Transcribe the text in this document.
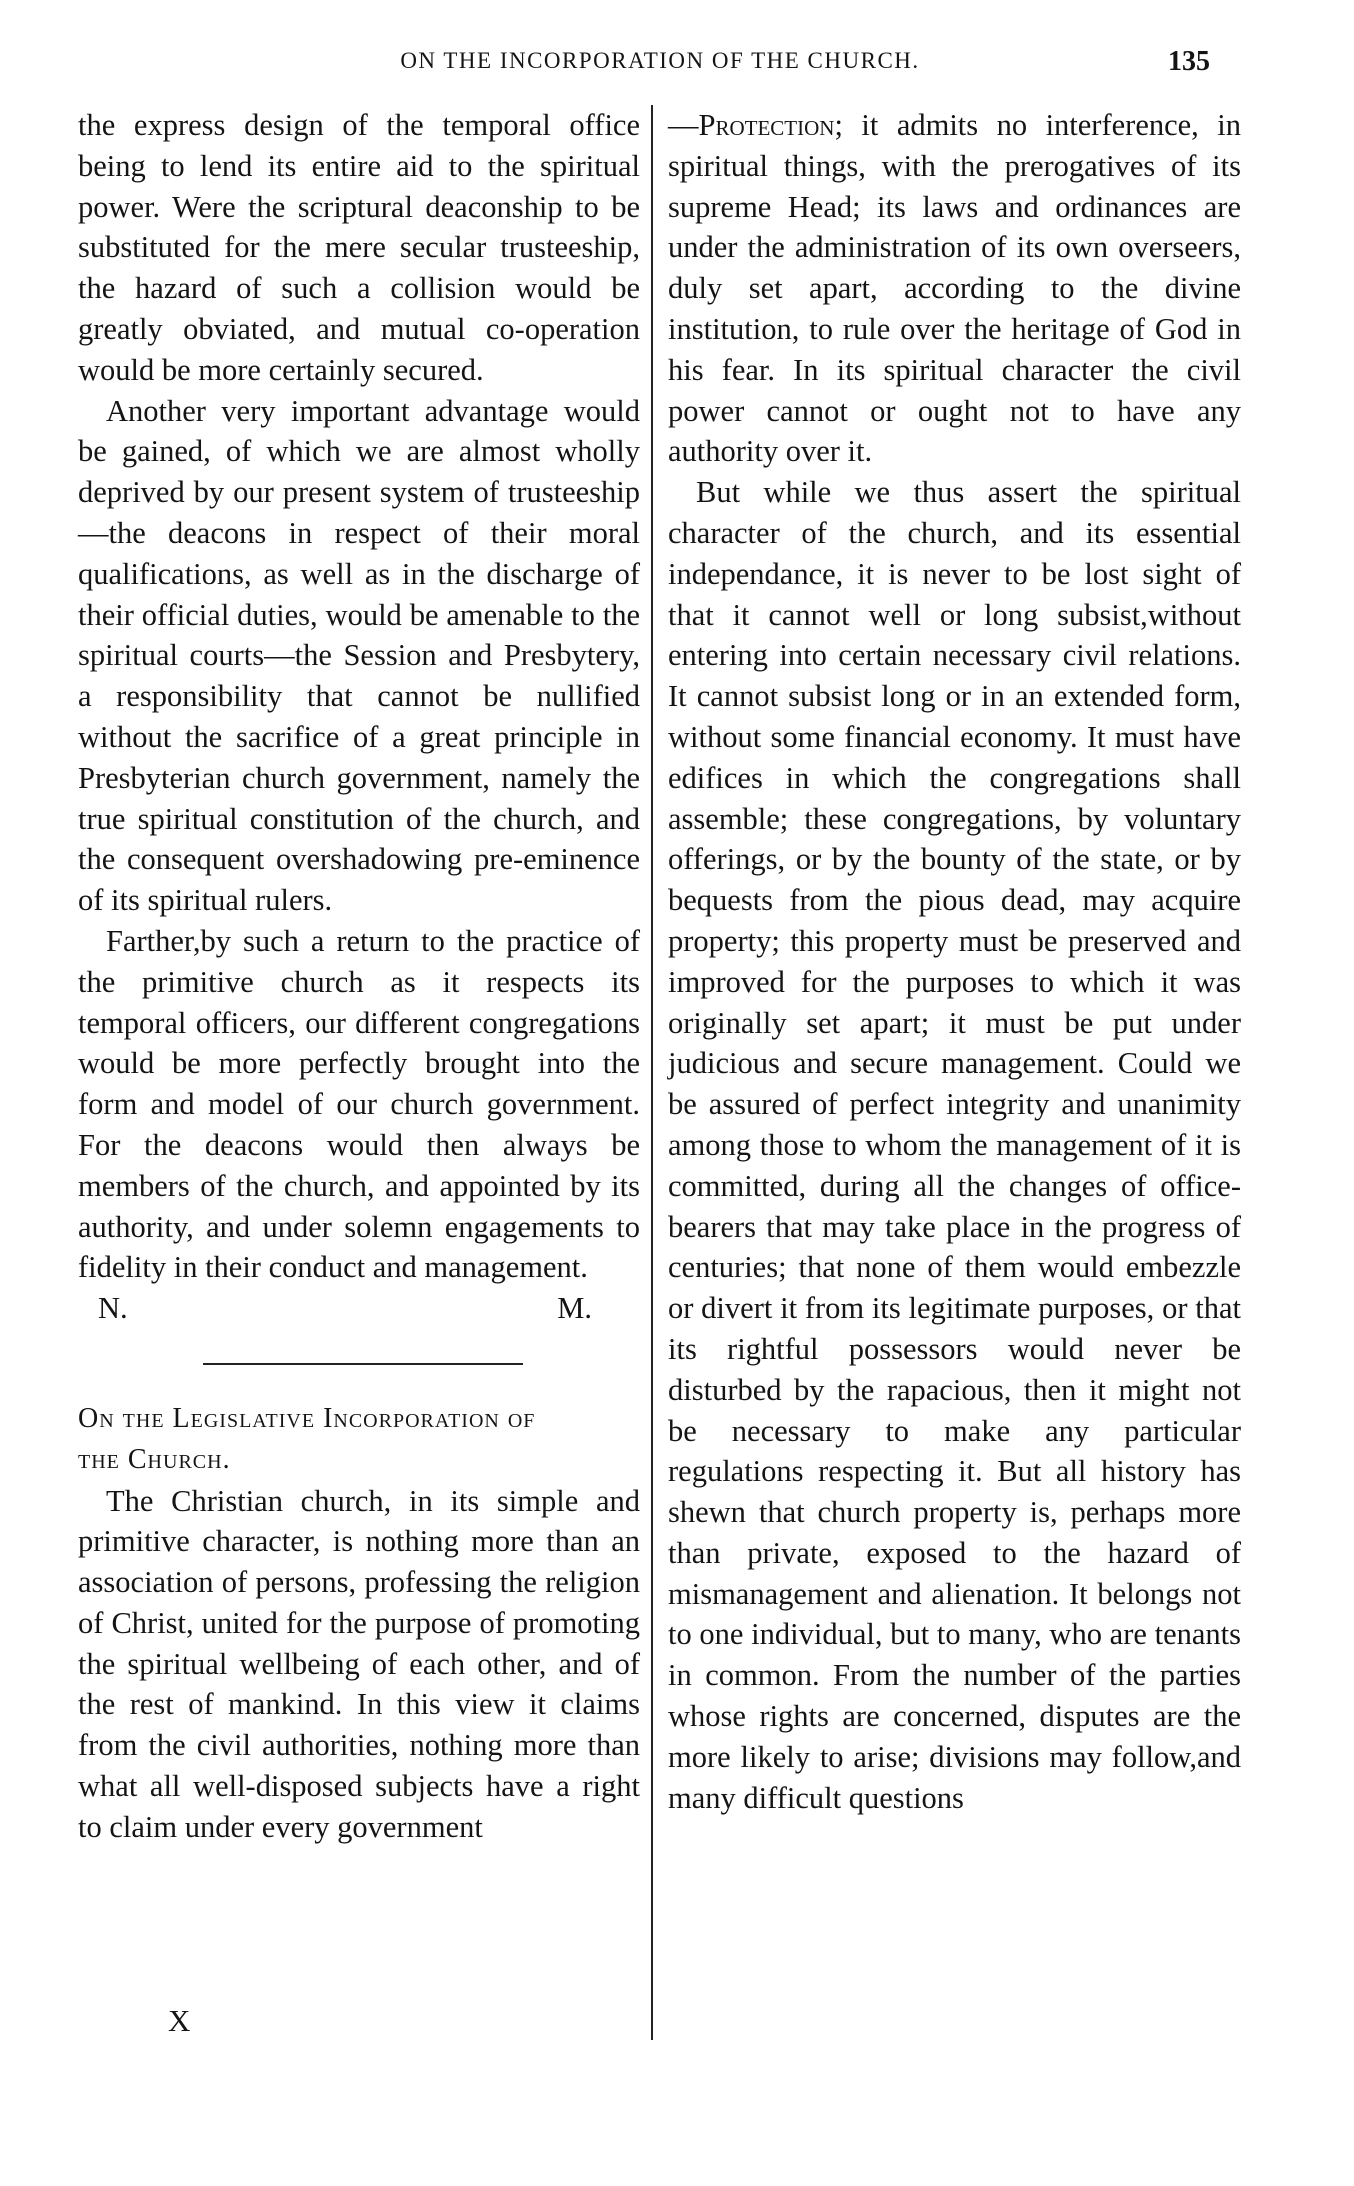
ON THE INCORPORATION OF THE CHURCH.	135

the express design of the temporal office being to lend its entire aid to the spiritual power. Were the scriptural deaconship to be substituted for the mere secular trusteeship, the hazard of such a collision would be greatly obviated, and mutual co-operation would be more certainly secured.

Another very important advantage would be gained, of which we are almost wholly deprived by our present system of trusteeship—the deacons in respect of their moral qualifications, as well as in the discharge of their official duties, would be amenable to the spiritual courts—the Session and Presbytery, a responsibility that cannot be nullified without the sacrifice of a great principle in Presbyterian church government, namely the true spiritual constitution of the church, and the consequent overshadowing pre-eminence of its spiritual rulers.

Farther,by such a return to the practice of the primitive church as it respects its temporal officers, our different congregations would be more perfectly brought into the form and model of our church government. For the deacons would then always be members of the church, and appointed by its authority, and under solemn engagements to fidelity in their conduct and management.

N.	M.

On the Legislative Incorporation of
the Church.

The Christian church, in its simple and primitive character, is nothing more than an association of persons, professing the religion of Christ, united for the purpose of promoting the spiritual wellbeing of each other, and of the rest of mankind. In this view it claims from the civil authorities, nothing more than what all well-disposed subjects have a right to claim under every government

—Protection; it admits no interference, in spiritual things, with the prerogatives of its supreme Head; its laws and ordinances are under the administration of its own overseers, duly set apart, according to the divine institution, to rule over the heritage of God in his fear. In its spiritual character the civil power cannot or ought not to have any authority over it.

But while we thus assert the spiritual character of the church, and its essential independance, it is never to be lost sight of that it cannot well or long subsist,without entering into certain necessary civil relations. It cannot subsist long or in an extended form, without some financial economy. It must have edifices in which the congregations shall assemble; these congregations, by voluntary offerings, or by the bounty of the state, or by bequests from the pious dead, may acquire property; this property must be preserved and improved for the purposes to which it was originally set apart; it must be put under judicious and secure management. Could we be assured of perfect integrity and unanimity among those to whom the management of it is committed, during all the changes of office-bearers that may take place in the progress of centuries; that none of them would embezzle or divert it from its legitimate purposes, or that its rightful possessors would never be disturbed by the rapacious, then it might not be necessary to make any particular regulations respecting it. But all history has shewn that church property is, perhaps more than private, exposed to the hazard of mismanagement and alienation. It belongs not to one individual, but to many, who are tenants in common. From the number of the parties whose rights are concerned, disputes are the more likely to arise; divisions may follow,and many difficult questions

X
